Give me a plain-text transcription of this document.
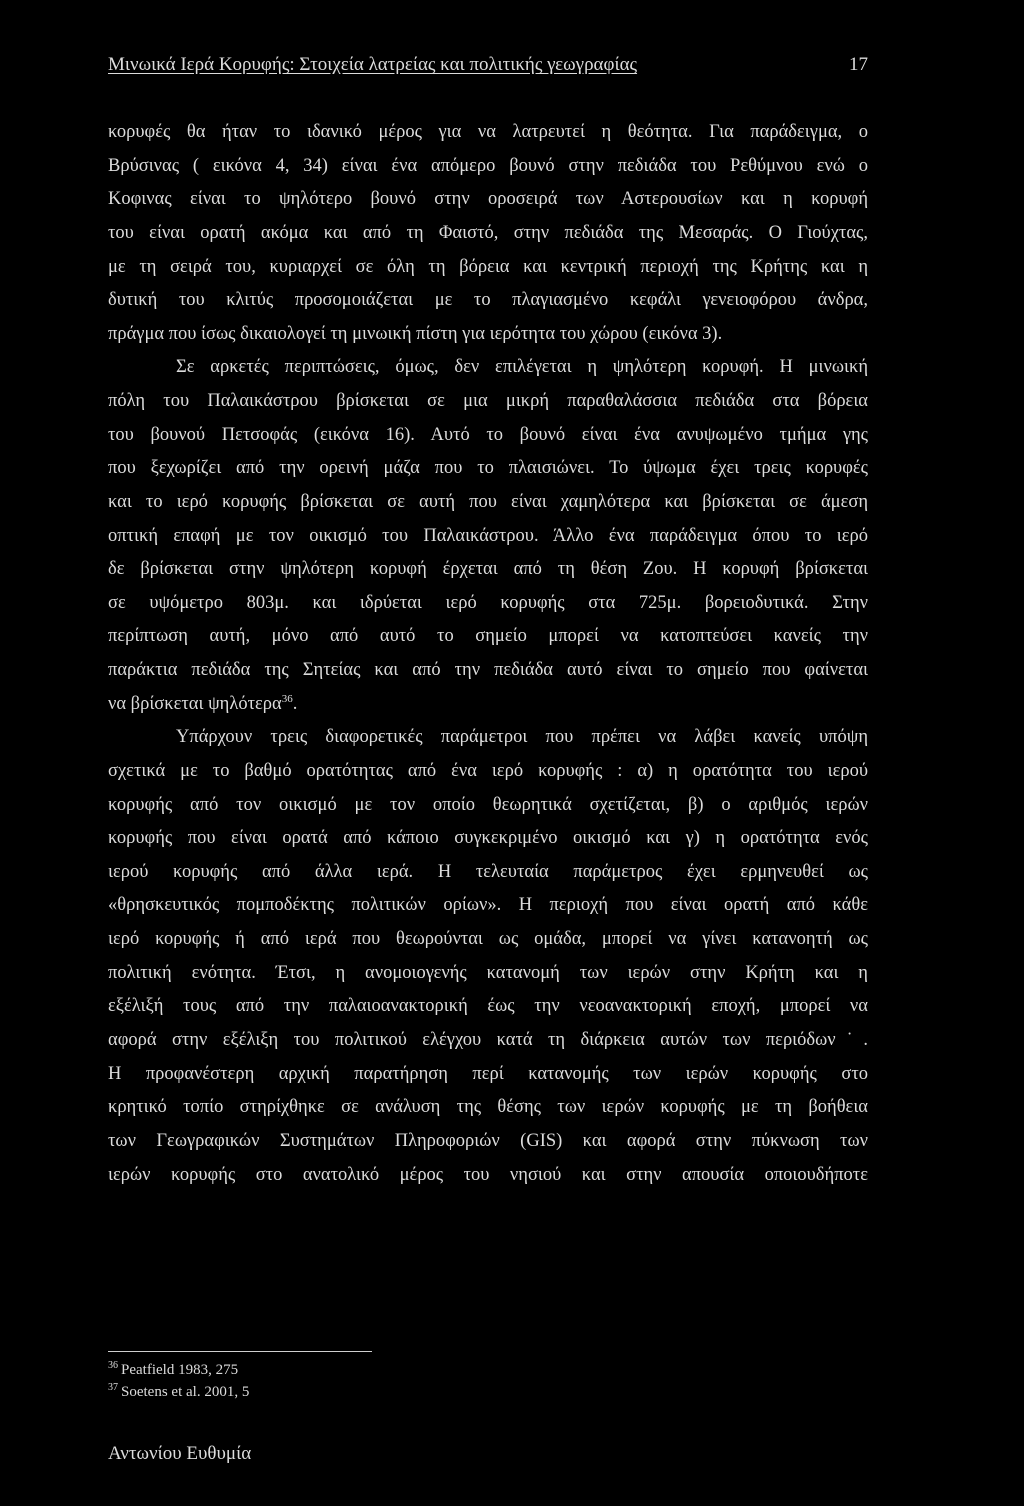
Μινωικά Ιερά Κορυφής: Στοιχεία λατρείας και πολιτικής γεωγραφίας	17
κορυφές θα ήταν το ιδανικό μέρος για να λατρευτεί η θεότητα. Για παράδειγμα, ο
Βρύσινας ( εικόνα 4, 34) είναι ένα απόμερο βουνό στην πεδιάδα του Ρεθύμνου ενώ ο
Κοφινας είναι το ψηλότερο βουνό στην οροσειρά των Αστερουσίων και η κορυφή
του είναι ορατή ακόμα και από τη Φαιστό, στην πεδιάδα της Μεσαράς. Ο Γιούχτας,
με τη σειρά του, κυριαρχεί σε όλη τη βόρεια και κεντρική περιοχή της Κρήτης και η
δυτική του κλιτύς προσομοιάζεται με το πλαγιασμένο κεφάλι γενειοφόρου άνδρα,
πράγμα που ίσως δικαιολογεί τη μινωική πίστη για ιερότητα του χώρου (εικόνα 3).
Σε αρκετές περιπτώσεις, όμως, δεν επιλέγεται η ψηλότερη κορυφή. Η μινωική
πόλη του Παλαικάστρου βρίσκεται σε μια μικρή παραθαλάσσια πεδιάδα στα βόρεια
του βουνού Πετσοφάς (εικόνα 16). Αυτό το βουνό είναι ένα ανυψωμένο τμήμα γης
που ξεχωρίζει από την ορεινή μάζα που το πλαισιώνει. Το ύψωμα έχει τρεις κορυφές
και το ιερό κορυφής βρίσκεται σε αυτή που είναι χαμηλότερα και βρίσκεται σε άμεση
οπτική επαφή με τον οικισμό του Παλαικάστρου. Άλλο ένα παράδειγμα όπου το ιερό
δε βρίσκεται στην ψηλότερη κορυφή έρχεται από τη θέση Ζου. Η κορυφή βρίσκεται
σε υψόμετρο 803μ. και ιδρύεται ιερό κορυφής στα 725μ. βορειοδυτικά. Στην
περίπτωση αυτή, μόνο από αυτό το σημείο μπορεί να κατοπτεύσει κανείς την
παράκτια πεδιάδα της Σητείας και από την πεδιάδα αυτό είναι το σημείο που φαίνεται
να βρίσκεται ψηλότερα$^{36}$.
Υπάρχουν τρεις διαφορετικές παράμετροι που πρέπει να λάβει κανείς υπόψη
σχετικά με το βαθμό ορατότητας από ένα ιερό κορυφής : α) η ορατότητα του ιερού
κορυφής από τον οικισμό με τον οποίο θεωρητικά σχετίζεται, β) ο αριθμός ιερών
κορυφής που είναι ορατά από κάποιο συγκεκριμένο οικισμό και γ) η ορατότητα ενός
ιερού κορυφής από άλλα ιερά. Η τελευταία παράμετρος έχει ερμηνευθεί ως
«θρησκευτικός πομποδέκτης πολιτικών ορίων». Η περιοχή που είναι ορατή από κάθε
ιερό κορυφής ή από ιερά που θεωρούνται ως ομάδα, μπορεί να γίνει κατανοητή ως
πολιτική ενότητα. Έτσι, η ανομοιογενής κατανομή των ιερών στην Κρήτη και η
εξέλιξή τους από την παλαιοανακτορική έως την νεοανακτορική εποχή, μπορεί να
αφορά στην εξέλιξη του πολιτικού ελέγχου κατά τη διάρκεια αυτών των περιόδων˙.
Η προφανέστερη αρχική παρατήρηση περί κατανομής των ιερών κορυφής στο
κρητικό τοπίο στηρίχθηκε σε ανάλυση της θέσης των ιερών κορυφής με τη βοήθεια
των Γεωγραφικών Συστημάτων Πληροφοριών (GIS) και αφορά στην πύκνωση των
ιερών κορυφής στο ανατολικό μέρος του νησιού και στην απουσία οποιουδήποτε
$^{36}$ Peatfield 1983, 275
$^{37}$ Soetens et al. 2001, 5
Αντωνίου Ευθυμία
